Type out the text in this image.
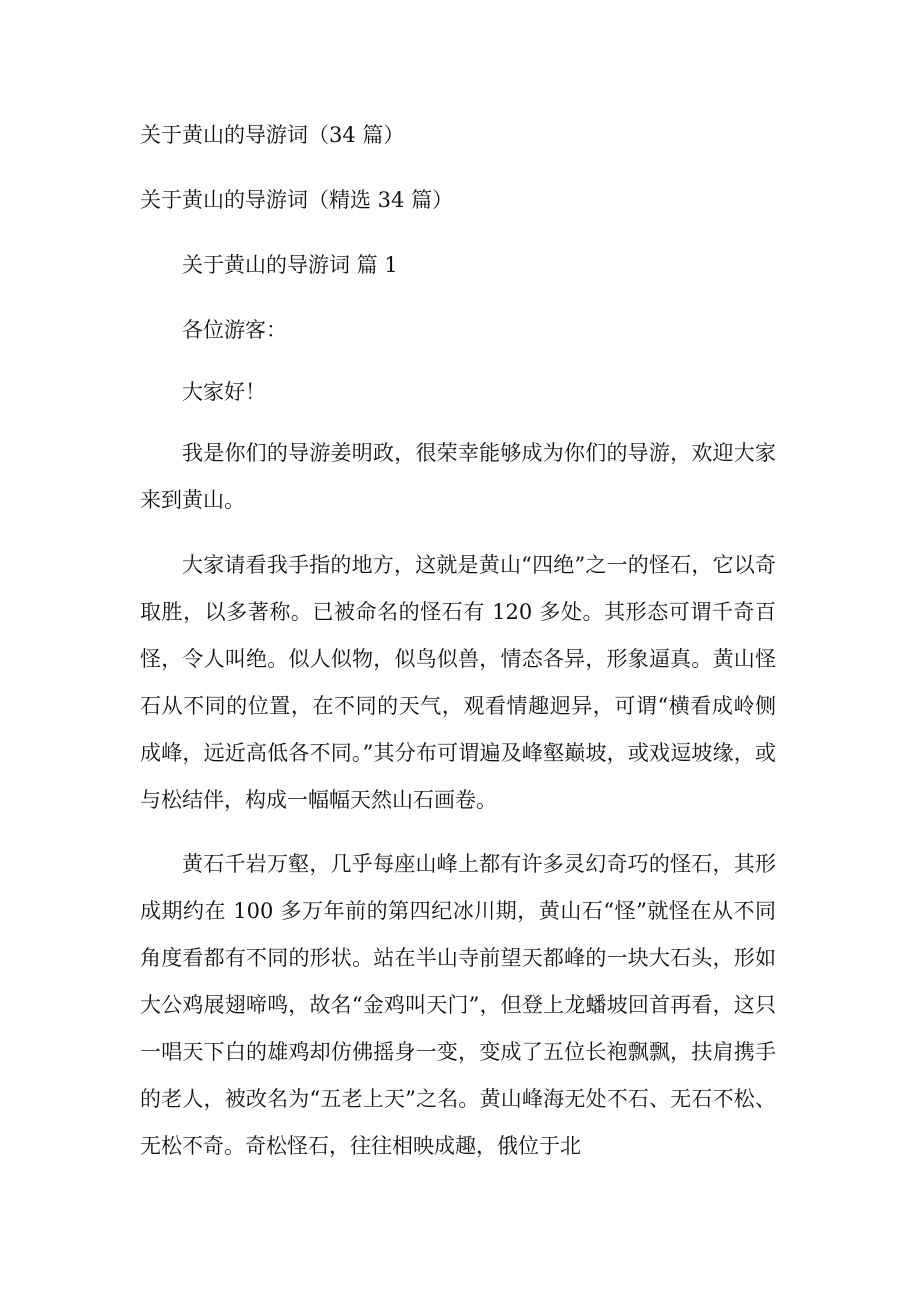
关于黄山的导游词（34 篇）

关于黄山的导游词（精选 34 篇）

关于黄山的导游词 篇 1

各位游客：

大家好！

我是你们的导游姜明政，很荣幸能够成为你们的导游，欢迎大家来到黄山。

大家请看我手指的地方，这就是黄山“四绝”之一的怪石，它以奇取胜，以多著称。已被命名的怪石有 120 多处。其形态可谓千奇百怪，令人叫绝。似人似物，似鸟似兽，情态各异，形象逼真。黄山怪石从不同的位置，在不同的天气，观看情趣迥异，可谓“横看成岭侧成峰，远近高低各不同。”其分布可谓遍及峰壑巅坡，或戏逗坡缘，或与松结伴，构成一幅幅天然山石画卷。

黄石千岩万壑，几乎每座山峰上都有许多灵幻奇巧的怪石，其形成期约在 100 多万年前的第四纪冰川期，黄山石“怪”就怪在从不同角度看都有不同的形状。站在半山寺前望天都峰的一块大石头，形如大公鸡展翅啼鸣，故名“金鸡叫天门”，但登上龙蟠坡回首再看，这只一唱天下白的雄鸡却仿佛摇身一变，变成了五位长袍飘飘，扶肩携手的老人，被改名为“五老上天”之名。黄山峰海无处不石、无石不松、无松不奇。奇松怪石，往往相映成趣，俄位于北
